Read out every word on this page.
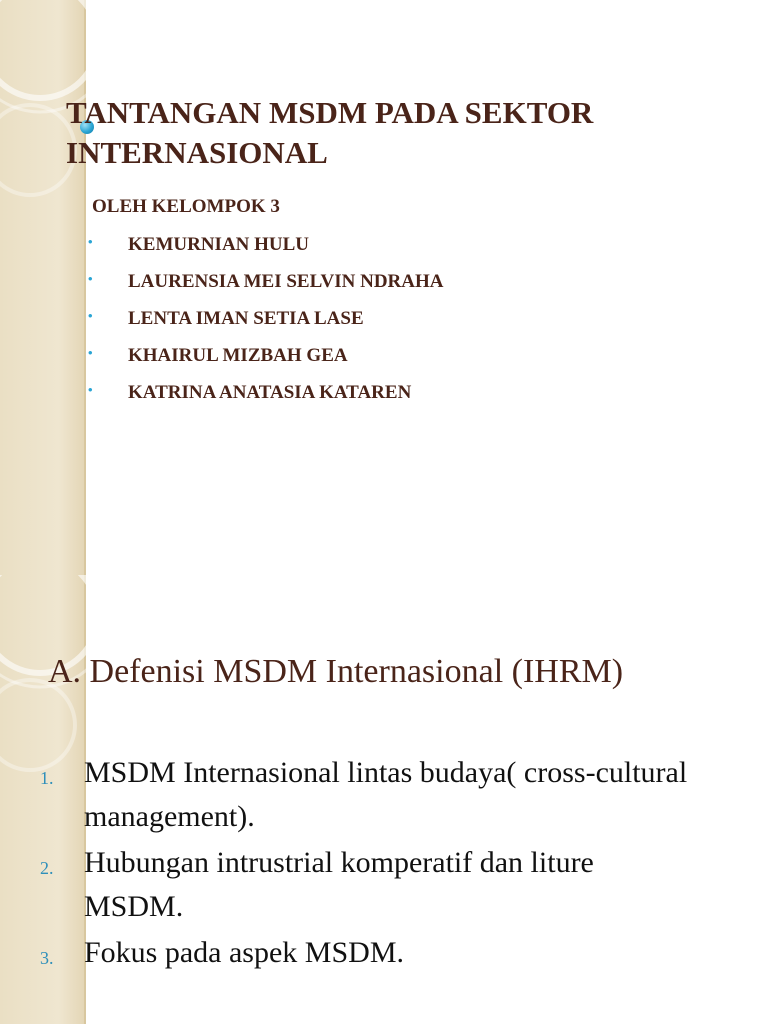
TANTANGAN MSDM PADA SEKTOR INTERNASIONAL

OLEH KELOMPOK 3

• KEMURNIAN HULU
• LAURENSIA MEI SELVIN NDRAHA
• LENTA IMAN SETIA LASE
• KHAIRUL MIZBAH GEA
• KATRINA ANATASIA KATAREN
A. Defenisi MSDM Internasional (IHRM)
1. MSDM Internasional lintas budaya( cross-cultural management).
2. Hubungan intrustrial komperatif dan liture MSDM.
3. Fokus pada aspek MSDM.
